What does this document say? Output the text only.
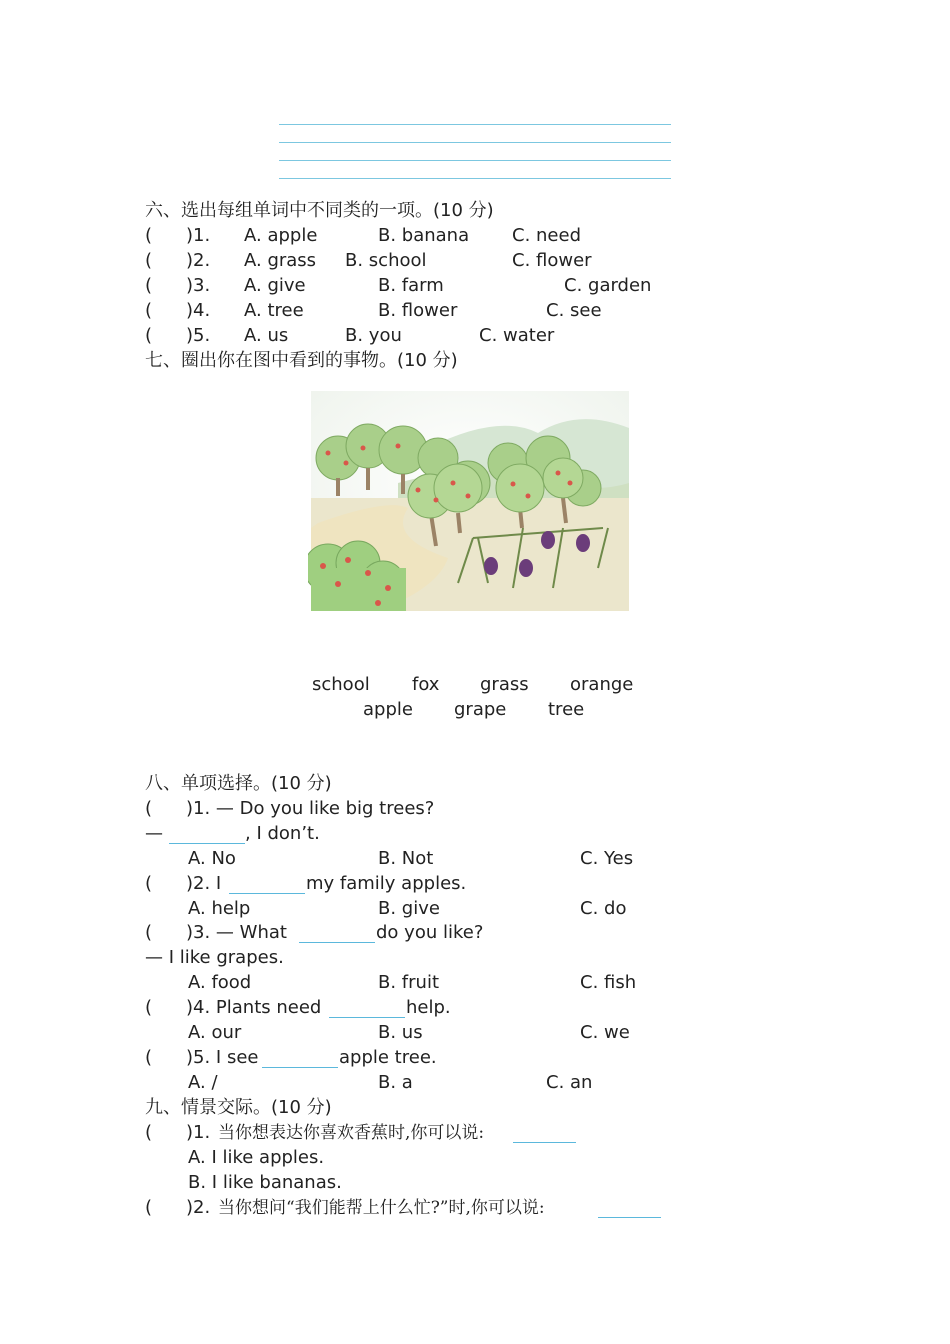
六、选出每组单词中不同类的一项。(10 分)
( )1. A. apple	B. banana C. need
( )2. A. grass B. school	C. flower
( )3. A. give	B. farm	C. garden
( )4. A. tree	B. flower	C. see
( )5. A. us	B. you	C. water
七、圈出你在图中看到的事物。(10 分)
school fox grass orange
apple grape tree
八、单项选择。(10 分)
( )1. — Do you like big trees?
—	, I don’t.
A. No	B. Not	C. Yes
( )2. I	my family apples.
A. help	B. give	C. do
( )3. — What	do you like?
— I like grapes.
A. food	B. fruit	C. fish
( )4. Plants need	help.
A. our	B. us	C. we
( )5. I see	apple tree.
A. /	B. a	C. an
九、情景交际。(10 分)
( )1. 当你想表达你喜欢香蕉时,你可以说:
A. I like apples.
B. I like bananas.
( )2. 当你想问“我们能帮上什么忙?”时,你可以说:
